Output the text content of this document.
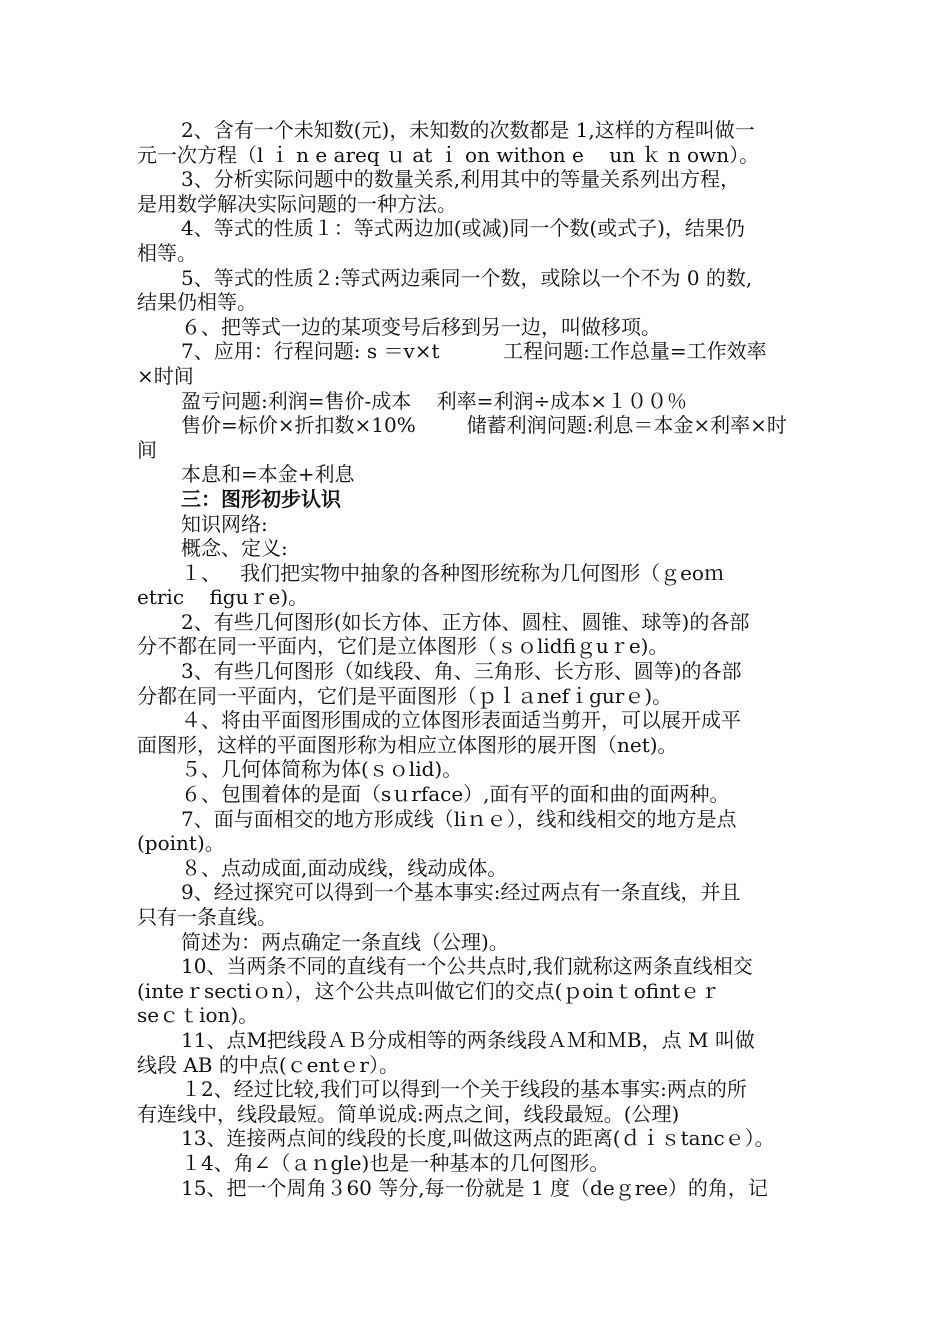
2、含有一个未知数(元)，未知数的次数都是 1,这样的方程叫做一
元一次方程（l ｉ n e areq ｕ at ｉ on withon e    un ｋ n own）。
3、分析实际问题中的数量关系,利用其中的等量关系列出方程，
是用数学解决实际问题的一种方法。
4、等式的性质１：等式两边加(或减)同一个数(或式子)，结果仍
相等。
5、等式的性质２:等式两边乘同一个数，或除以一个不为 0 的数,
结果仍相等。
６、把等式一边的某项变号后移到另一边，叫做移项。
7、应用：行程问题: s ＝v×t          工程问题:工作总量=工作效率
×时间
盈亏问题:利润=售价-成本    利率=利润÷成本×１００％
售价=标价×折扣数×10%        储蓄利润问题:利息＝本金×利率×时
间
本息和=本金+利息
三：图形初步认识
知识网络:
概念、定义:
１、   我们把实物中抽象的各种图形统称为几何图形（ｇeoｍ
etric    figuｒe)。
2、有些几何图形(如长方体、正方体、圆柱、圆锥、球等)的各部
分不都在同一平面内，它们是立体图形（ｓｏlidfiｇuｒe)。
3、有些几何图形（如线段、角、三角形、长方形、圆等)的各部
分都在同一平面内，它们是平面图形（ｐｌａnefｉgurｅ)。
４、将由平面图形围成的立体图形表面适当剪开，可以展开成平
面图形，这样的平面图形称为相应立体图形的展开图（net)。
５、几何体简称为体(ｓｏlid)。
６、包围着体的是面（sｕrface）,面有平的面和曲的面两种。
7、面与面相交的地方形成线（liｎｅ），线和线相交的地方是点
(point)。
８、点动成面,面动成线，线动成体。
9、经过探究可以得到一个基本事实:经过两点有一条直线，并且
只有一条直线。
简述为：两点确定一条直线（公理)。
10、当两条不同的直线有一个公共点时,我们就称这两条直线相交
(inteｒsectiｏn），这个公共点叫做它们的交点(ｐoinｔofintｅｒ
seｃｔion)。
11、点M把线段ＡＢ分成相等的两条线段ＡＭ和ＭB，点 M 叫做
线段 AB 的中点(ｃentｅr）。
１2、经过比较,我们可以得到一个关于线段的基本事实:两点的所
有连线中，线段最短。简单说成:两点之间，线段最短。(公理)
13、连接两点间的线段的长度,叫做这两点的距离(ｄｉｓtancｅ）。
１4、角∠（ａｎgle)也是一种基本的几何图形。
15、把一个周角３60 等分,每一份就是 1 度（deｇree）的角，记
